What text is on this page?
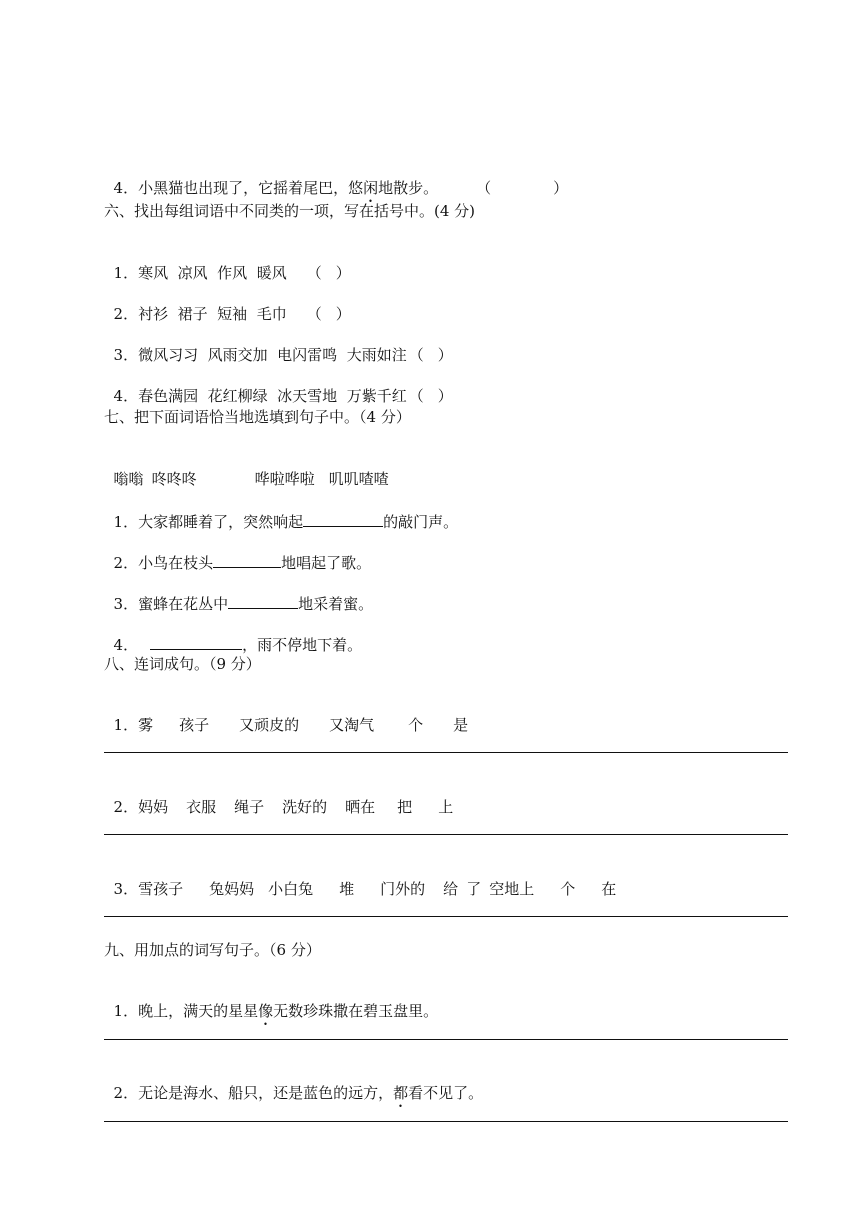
4．小黑猫也出现了，它摇着尾巴，悠闲地散步。	（	）

六、找出每组词语中不同类的一项，写在括号中。(4 分)

1．寒风  凉风  作风  暖风 （ ）

2．衬衫  裙子  短袖  毛巾 （ ）

3．微风习习  风雨交加  电闪雷鸣  大雨如注 （ ）

4．春色满园  花红柳绿  冰天雪地  万紫千红 （ ）

七、把下面词语恰当地选填到句子中。（4 分）

嗡嗡 咚咚咚	哗啦哗啦 叽叽喳喳

1．大家都睡着了，突然响起	的敲门声。

2．小鸟在枝头	地唱起了歌。

3．蜜蜂在花丛中	地采着蜜。

4．	，雨不停地下着。

八、连词成句。（9 分）

1．雾 孩子 又顽皮的 又淘气 个 是

2．妈妈 衣服 绳子 洗好的 晒在 把 上

3．雪孩子 兔妈妈 小白兔 堆 门外的 给 了 空地上 个 在

九、用加点的词写句子。（6 分）

1．晚上，满天的星星像无数珍珠撒在碧玉盘里。

2．无论是海水、船只，还是蓝色的远方，都看不见了。
